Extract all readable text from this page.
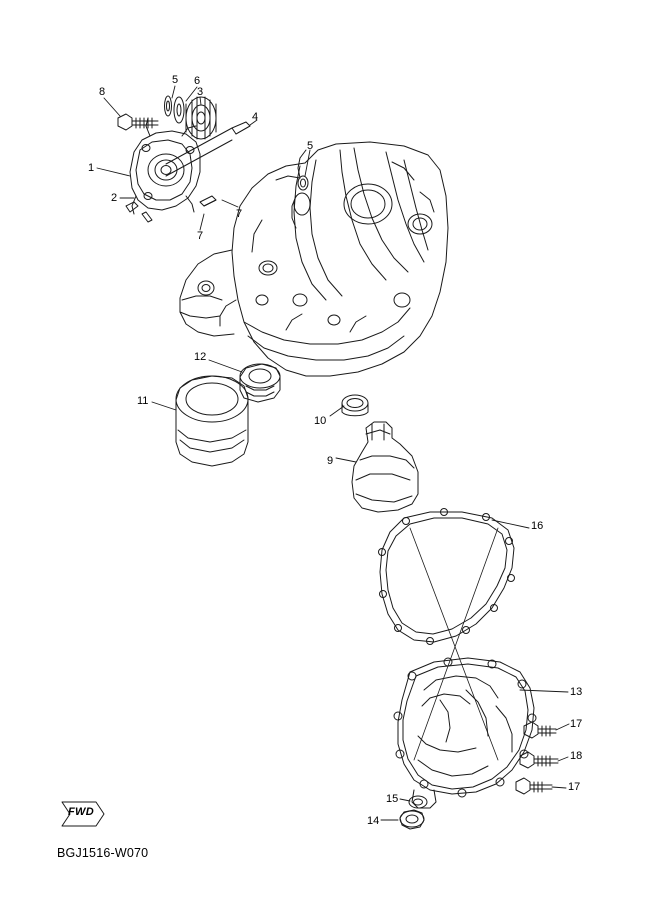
1
2
3
4
5
5
6
7
7
8
9
10
11
12
13
14
15
16
17
17
18
FWD
BGJ1516-W070
